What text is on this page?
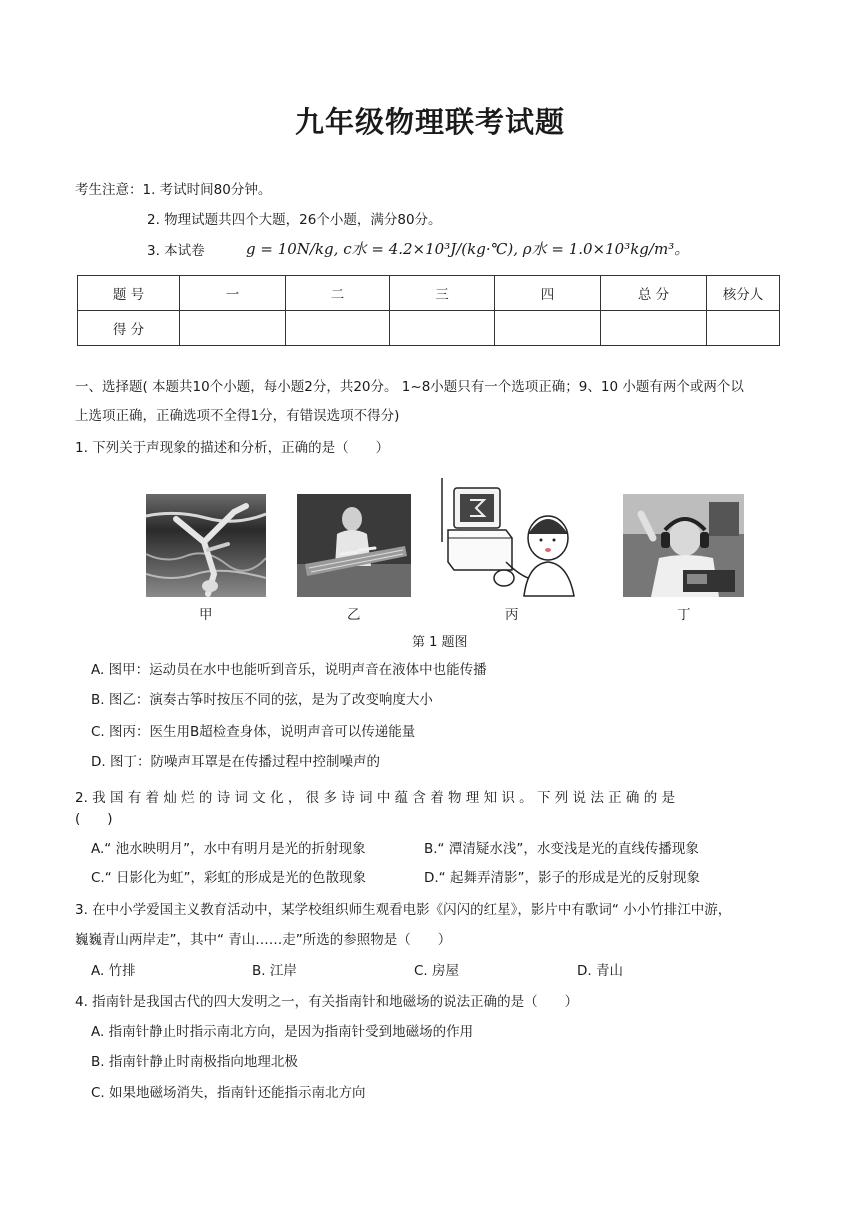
九年级物理联考试题
考生注意：1. 考试时间80分钟。
2. 物理试题共四个大题，26个小题，满分80分。
3. 本试卷	g = 10N/kg, c水 = 4.2×10³J/(kg·℃), ρ水 = 1.0×10³kg/m³。
题 号	一	二	三	四	总 分	核分人
得 分						
一、选择题( 本题共10个小题，每小题2分，共20分。 1~8小题只有一个选项正确；9、10 小题有两个或两个以
上选项正确，正确选项不全得1分，有错误选项不得分)
1. 下列关于声现象的描述和分析，正确的是（　　）
甲	乙	丙	丁
第 1 题图
A. 图甲：运动员在水中也能听到音乐，说明声音在液体中也能传播
B. 图乙：演奏古筝时按压不同的弦，是为了改变响度大小
C. 图丙：医生用B超检查身体，说明声音可以传递能量
D. 图丁：防噪声耳罩是在传播过程中控制噪声的
2. 我 国 有 着 灿 烂 的 诗 词 文 化 ， 很 多 诗 词 中 蕴 含 着 物 理 知 识 。 下 列 说 法 正 确 的 是
(　　)
A.“ 池水映明月”，水中有明月是光的折射现象	B.“ 潭清疑水浅”，水变浅是光的直线传播现象
C.“ 日影化为虹”，彩虹的形成是光的色散现象	D.“ 起舞弄清影”，影子的形成是光的反射现象
3. 在中小学爱国主义教育活动中，某学校组织师生观看电影《闪闪的红星》，影片中有歌词“ 小小竹排江中游，
巍巍青山两岸走”，其中“ 青山……走”所选的参照物是（　　）
A. 竹排	B. 江岸	C. 房屋	D. 青山
4. 指南针是我国古代的四大发明之一，有关指南针和地磁场的说法正确的是（　　）
A. 指南针静止时指示南北方向，是因为指南针受到地磁场的作用
B. 指南针静止时南极指向地理北极
C. 如果地磁场消失，指南针还能指示南北方向
